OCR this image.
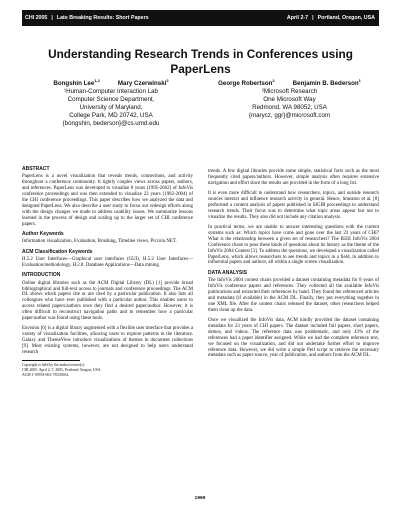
CHI 2005 | Late Breaking Results: Short Papers	April 2-7 | Portland, Oregon, USA
Understanding Research Trends in Conferences using PaperLens
Bongshin Lee$^{1,2}$	Mary Czerwinski$^2$
¹Human-Computer Interaction Lab
Computer Science Department,
University of Maryland,
College Park, MD 20742, USA
{bongshin, bederson}@cs.umd.edu
George Robertson$^2$	Benjamin B. Bederson$^1$
²Microsoft Research
One Microsoft Way
Redmond, WA 98052, USA
{marycz, ggr}@microsoft.com
ABSTRACT

PaperLens is a novel visualization that reveals trends, connections, and activity throughout a conference community. It tightly couples views across papers, authors, and references. PaperLens was developed to visualize 8 years (1995-2002) of InfoVis conference proceedings and was then extended to visualize 23 years (1982-2004) of the CHI conference proceedings. This paper describes how we analyzed the data and designed PaperLens. We also describe a user study to focus our redesign efforts along with the design changes we made to address usability issues. We summarize lessons learned in the process of design and scaling up to the larger set of CHI conference papers.

Author Keywords

Information visualization, Evaluation, Brushing, Timeline views, Piccolo.NET.

ACM Classification Keywords

H.5.2 User Interfaces—Graphical user interfaces (GUI), H.5.2 User Interfaces—Evaluation/methodology, H.2.8. Database Applications—Data mining.

INTRODUCTION

Online digital libraries such as the ACM Digital Library (DL) [1] provide broad bibliographical and full-text access to journals and conference proceedings. The ACM DL shows which papers cite or are cited by a particular publication. It also lists all colleagues who have ever published with a particular author. This enables users to access related papers/authors once they find a desired paper/author. However, it is often difficult to reconstruct navigation paths and to remember how a particular paper/author was found using these tools.

Envision [6] is a digital library augmented with a flexible user interface that provides a variety of visualization facilities, allowing users to explore patterns in the literature. Galaxy and ThemeView introduce visualizations of themes in document collections [9]. Most existing systems, however, are not designed to help users understand research

Copyright is held by the author/owner(s).

CHI 2005, April 2–7, 2005, Portland, Oregon, USA.

ACM 1-59593-002-7/05/0004.

trends. A few digital libraries provide some simple, statistical facts such as the most frequently cited papers/authors. However, simple analysis often requires extensive navigation and effort since the results are provided in the form of a long list.

It is even more difficult to understand how researchers, topics, and outside research sources interact and influence research activity in general. Hence, Smeaton et al. [8] performed a content analysis of papers published in SIGIR proceedings to understand research trends. Their focus was to determine what topic areas appear but not to visualize the results. They also did not include any citation analysis.

In practical terms, we are unable to answer interesting questions with the current systems such as: Which topics have come and gone over the last 23 years of CHI? What is the relationship between a given set of researchers? The IEEE InfoVis 2004 Conference chose to pose these kinds of questions about its history as the theme of the InfoVis 2004 Contest [3]. To address the questions, we developed a visualization called PaperLens, which allows researchers to see trends and topics in a field, in addition to influential papers and authors, all within a single screen visualization.

DATA ANALYSIS

The InfoVis 2004 contest chairs provided a dataset containing metadata for 8 years of InfoVis conference papers and references. They collected all the available InfoVis publications and extracted their references by hand. They found the referenced articles and metadata (if available) in the ACM DL. Finally, they put everything together in one XML file. After the contest chairs released the dataset, other researchers helped them clean up the data.

Once we visualized the InfoVis data, ACM kindly provided the dataset containing metadata for 23 years of CHI papers. The dataset included full papers, short papers, demos, and videos. The reference data was problematic, and only 43% of the references had a paper identifier assigned. While we had the complete reference text, we focused on the visualization, and did not undertake further effort to improve reference data. However, we did write a simple Perl script to retrieve the necessary metadata such as paper source, year of publication, and authors from the ACM DL.

1969
